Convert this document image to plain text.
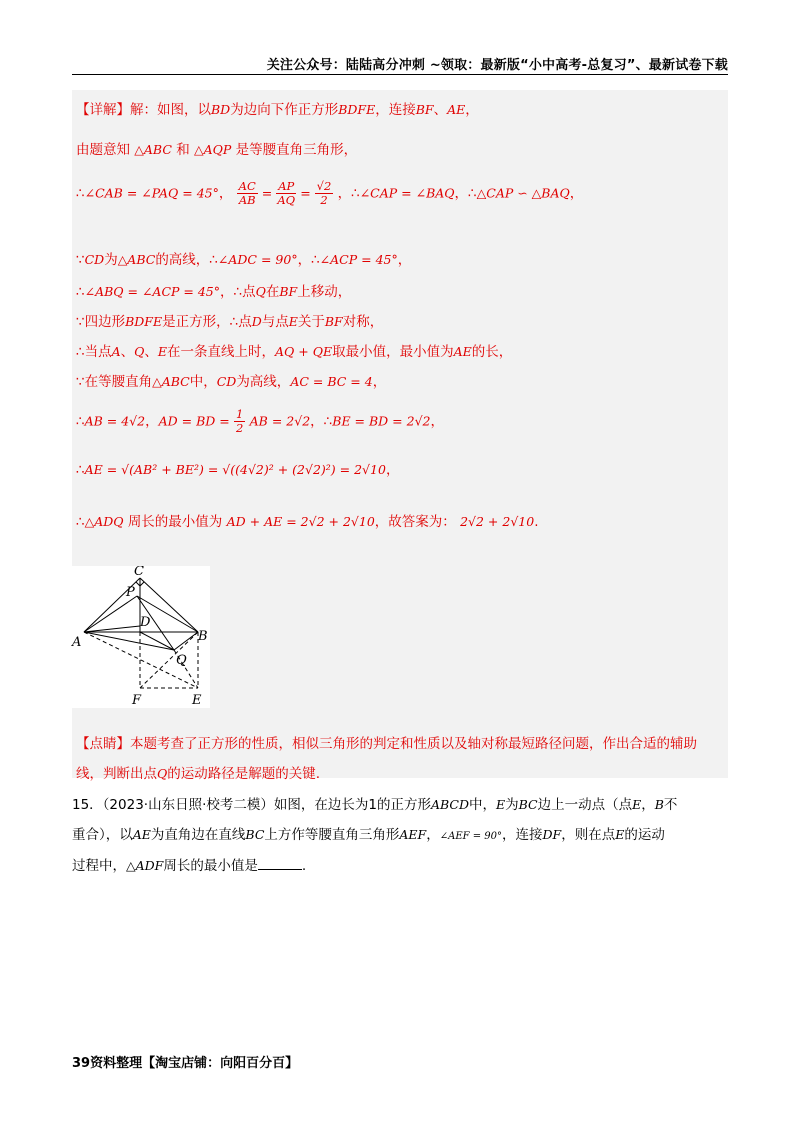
关注公众号：陆陆高分冲刺 ~领取：最新版“小中高考-总复习”、最新试卷下载
【详解】解：如图，以BD为边向下作正方形BDFE，连接BF、AE，
由题意知 △ABC 和 △AQP 是等腰直角三角形，
∴∠CAB = ∠PAQ = 45°， $\frac{AC}{AB} = \frac{AP}{AQ} = \frac{√2}{2}$ ，∴∠CAP = ∠BAQ，∴△CAP ∽ △BAQ，
∵CD为△ABC的高线，∴∠ADC = 90°，∴∠ACP = 45°，
∴∠ABQ = ∠ACP = 45°，∴点Q在BF上移动，
∵四边形BDFE是正方形，∴点D与点E关于BF对称，
∴当点A、Q、E在一条直线上时，AQ + QE取最小值，最小值为AE的长，
∵在等腰直角△ABC中，CD为高线，AC = BC = 4，
∴AB = 4√2，AD = BD = $\frac{1}{2}$ AB = 2√2，∴BE = BD = 2√2，
∴AE = √(AB² + BE²) = √((4√2)² + (2√2)²) = 2√10，
∴△ADQ 周长的最小值为 AD + AE = 2√2 + 2√10，故答案为： 2√2 + 2√10.
【点睛】本题考查了正方形的性质，相似三角形的判定和性质以及轴对称最短路径问题，作出合适的辅助
线，判断出点Q的运动路径是解题的关键.
C
P
D
A	B
Q
F	E
15．（2023·山东日照·校考二模）如图，在边长为1的正方形ABCD中，E为BC边上一动点（点E，B不
重合），以AE为直角边在直线BC上方作等腰直角三角形AEF，∠AEF = 90°，连接DF，则在点E的运动
过程中，△ADF周长的最小值是	.
39资料整理【淘宝店铺：向阳百分百】
